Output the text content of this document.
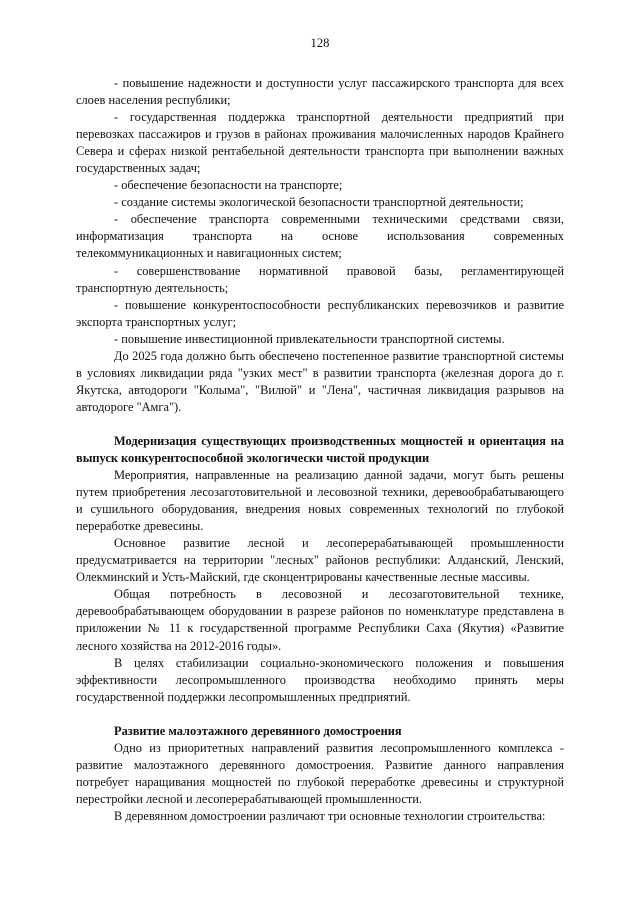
128

- повышение надежности и доступности услуг пассажирского транспорта для всех слоев населения республики;

- государственная поддержка транспортной деятельности предприятий при перевозках пассажиров и грузов в районах проживания малочисленных народов Крайнего Севера и сферах низкой рентабельной деятельности транспорта при выполнении важных государственных задач;

- обеспечение безопасности на транспорте;

- создание системы экологической безопасности транспортной деятельности;

- обеспечение транспорта современными техническими средствами связи, информатизация транспорта на основе использования современных телекоммуникационных и навигационных систем;

- совершенствование нормативной правовой базы, регламентирующей транспортную деятельность;

- повышение конкурентоспособности республиканских перевозчиков и развитие экспорта транспортных услуг;

- повышение инвестиционной привлекательности транспортной системы.

До 2025 года должно быть обеспечено постепенное развитие транспортной системы в условиях ликвидации ряда "узких мест" в развитии транспорта (железная дорога до г. Якутска, автодороги "Колыма", "Вилюй" и "Лена", частичная ликвидация разрывов на автодороге "Амга").

Модернизация существующих производственных мощностей и ориентация на выпуск конкурентоспособной экологически чистой продукции

Мероприятия, направленные на реализацию данной задачи, могут быть решены путем приобретения лесозаготовительной и лесовозной техники, деревообрабатывающего и сушильного оборудования, внедрения новых современных технологий по глубокой переработке древесины.

Основное развитие лесной и лесоперерабатывающей промышленности предусматривается на территории "лесных" районов республики: Алданский, Ленский, Олекминский и Усть-Майский, где сконцентрированы качественные лесные массивы.

Общая потребность в лесовозной и лесозаготовительной технике, деревообрабатывающем оборудовании в разрезе районов по номенклатуре представлена в приложении № 11 к государственной программе Республики Саха (Якутия) «Развитие лесного хозяйства на 2012-2016 годы».

В целях стабилизации социально-экономического положения и повышения эффективности лесопромышленного производства необходимо принять меры государственной поддержки лесопромышленных предприятий.

Развитие малоэтажного деревянного домостроения

Одно из приоритетных направлений развития лесопромышленного комплекса - развитие малоэтажного деревянного домостроения. Развитие данного направления потребует наращивания мощностей по глубокой переработке древесины и структурной перестройки лесной и лесоперерабатывающей промышленности.

В деревянном домостроении различают три основные технологии строительства:
